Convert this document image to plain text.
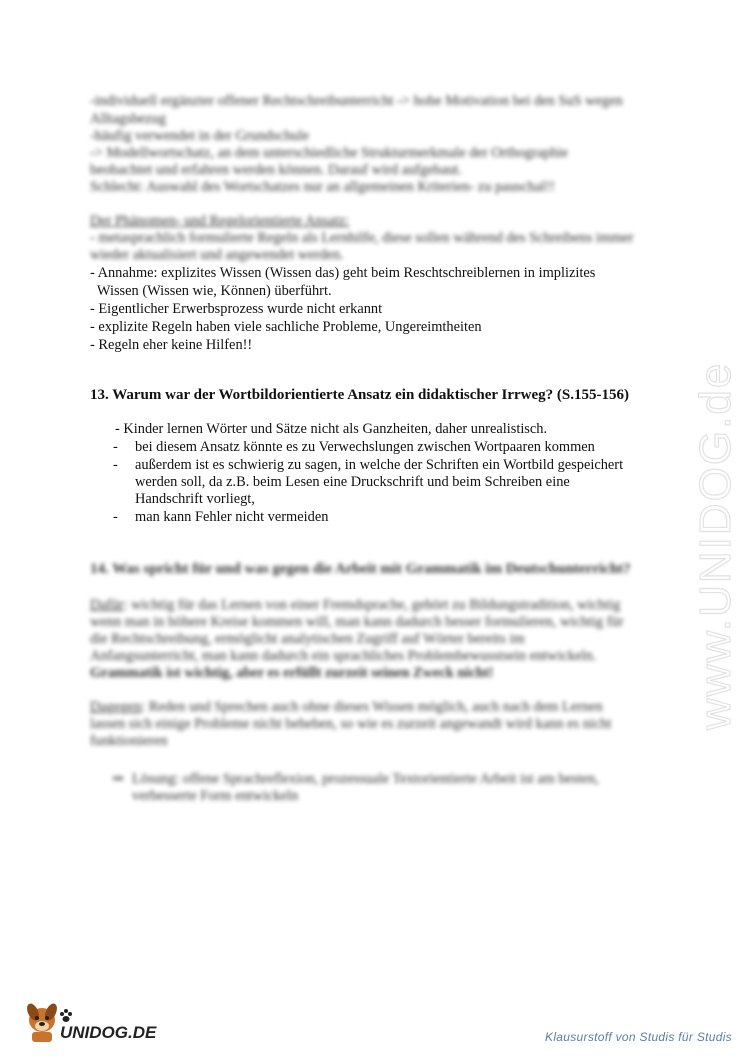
-individuell ergänzter offener Rechtschreibunterricht -> hohe Motivation bei den SuS wegen
Alltagsbezug
-häufig verwendet in der Grundschule
-> Modellwortschatz, an dem unterschiedliche Strukturmerkmale der Orthographie
beobachtet und erfahren werden können. Darauf wird aufgebaut.
Schlecht: Auswahl des Wortschatzes nur an allgemeinen Kriterien- zu pauschal!!
Der Phänomen- und Regelorientierte Ansatz:
- metasprachlich formulierte Regeln als Lernhilfe, diese sollen während des Schreibens immer
wieder aktualisiert und angewendet werden.
- Annahme: explizites Wissen (Wissen das) geht beim Reschtschreiblernen in implizites
Wissen (Wissen wie, Können) überführt.
- Eigentlicher Erwerbsprozess wurde nicht erkannt
- explizite Regeln haben viele sachliche Probleme, Ungereimtheiten
- Regeln eher keine Hilfen!!
13. Warum war der Wortbildorientierte Ansatz ein didaktischer Irrweg? (S.155-156)
- Kinder lernen Wörter und Sätze nicht als Ganzheiten, daher unrealistisch.
- bei diesem Ansatz könnte es zu Verwechslungen zwischen Wortpaaren kommen
- außerdem ist es schwierig zu sagen, in welche der Schriften ein Wortbild gespeichert
werden soll, da z.B. beim Lesen eine Druckschrift und beim Schreiben eine
Handschrift vorliegt,
- man kann Fehler nicht vermeiden
14. Was spricht für und was gegen die Arbeit mit Grammatik im Deutschunterricht?
Dafür: wichtig für das Lernen von einer Fremdsprache, gehört zu Bildungstradition, wichtig
wenn man in höhere Kreise kommen will, man kann dadurch besser formulieren, wichtig für
die Rechtschreibung, ermöglicht analytischen Zugriff auf Wörter bereits im
Anfangsunterricht, man kann dadurch ein sprachliches Problembewusstsein entwickeln.
Grammatik ist wichtig, aber es erfüllt zurzeit seinen Zweck nicht!
Dagegen: Reden und Sprechen auch ohne dieses Wissen möglich, auch nach dem Lernen
lassen sich einige Probleme nicht beheben, so wie es zurzeit angewandt wird kann es nicht
funktionieren
⇒ Lösung: offene Sprachreflexion, prozessuale Textorientierte Arbeit ist am besten,
verbesserte Form entwickeln
www.UNIDOG.de
UNIDOG.DE	Klausurstoff von Studis für Studis
